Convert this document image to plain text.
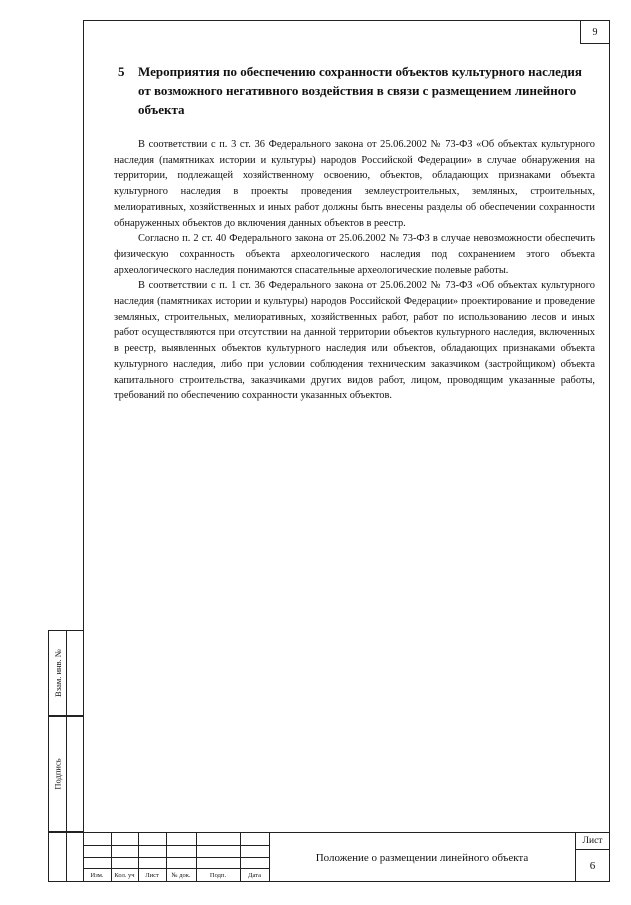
9
5 Мероприятия по обеспечению сохранности объектов культурного наследия от возможного негативного воздействия в связи с размещением линейного объекта

В соответствии с п. 3 ст. 36 Федерального закона от 25.06.2002 № 73-ФЗ «Об объектах культурного наследия (памятниках истории и культуры) народов Российской Федерации» в случае обнаружения на территории, подлежащей хозяйственному освоению, объектов, обладающих признаками объекта культурного наследия в проекты проведения землеустроительных, земляных, строительных, мелиоративных, хозяйственных и иных работ должны быть внесены разделы об обеспечении сохранности обнаруженных объектов до включения данных объектов в реестр.

Согласно п. 2 ст. 40 Федерального закона от 25.06.2002 № 73-ФЗ в случае невозможности обеспечить физическую сохранность объекта археологического наследия под сохранением этого объекта археологического наследия понимаются спасательные археологические полевые работы.

В соответствии с п. 1 ст. 36 Федерального закона от 25.06.2002 № 73-ФЗ «Об объектах культурного наследия (памятниках истории и культуры) народов Российской Федерации» проектирование и проведение земляных, строительных, мелиоративных, хозяйственных работ, работ по использованию лесов и иных работ осуществляются при отсутствии на данной территории объектов культурного наследия, включенных в реестр, выявленных объектов культурного наследия или объектов, обладающих признаками объекта культурного наследия, либо при условии соблюдения техническим заказчиком (застройщиком) объекта капитального строительства, заказчиками других видов работ, лицом, проводящим указанные работы, требований по обеспечению сохранности указанных объектов.

Взам. инв. №
Подпись
Изм.	Кол. уч	Лист	№ док.	Подп.	Дата
Положение о размещении линейного объекта
Лист
6
